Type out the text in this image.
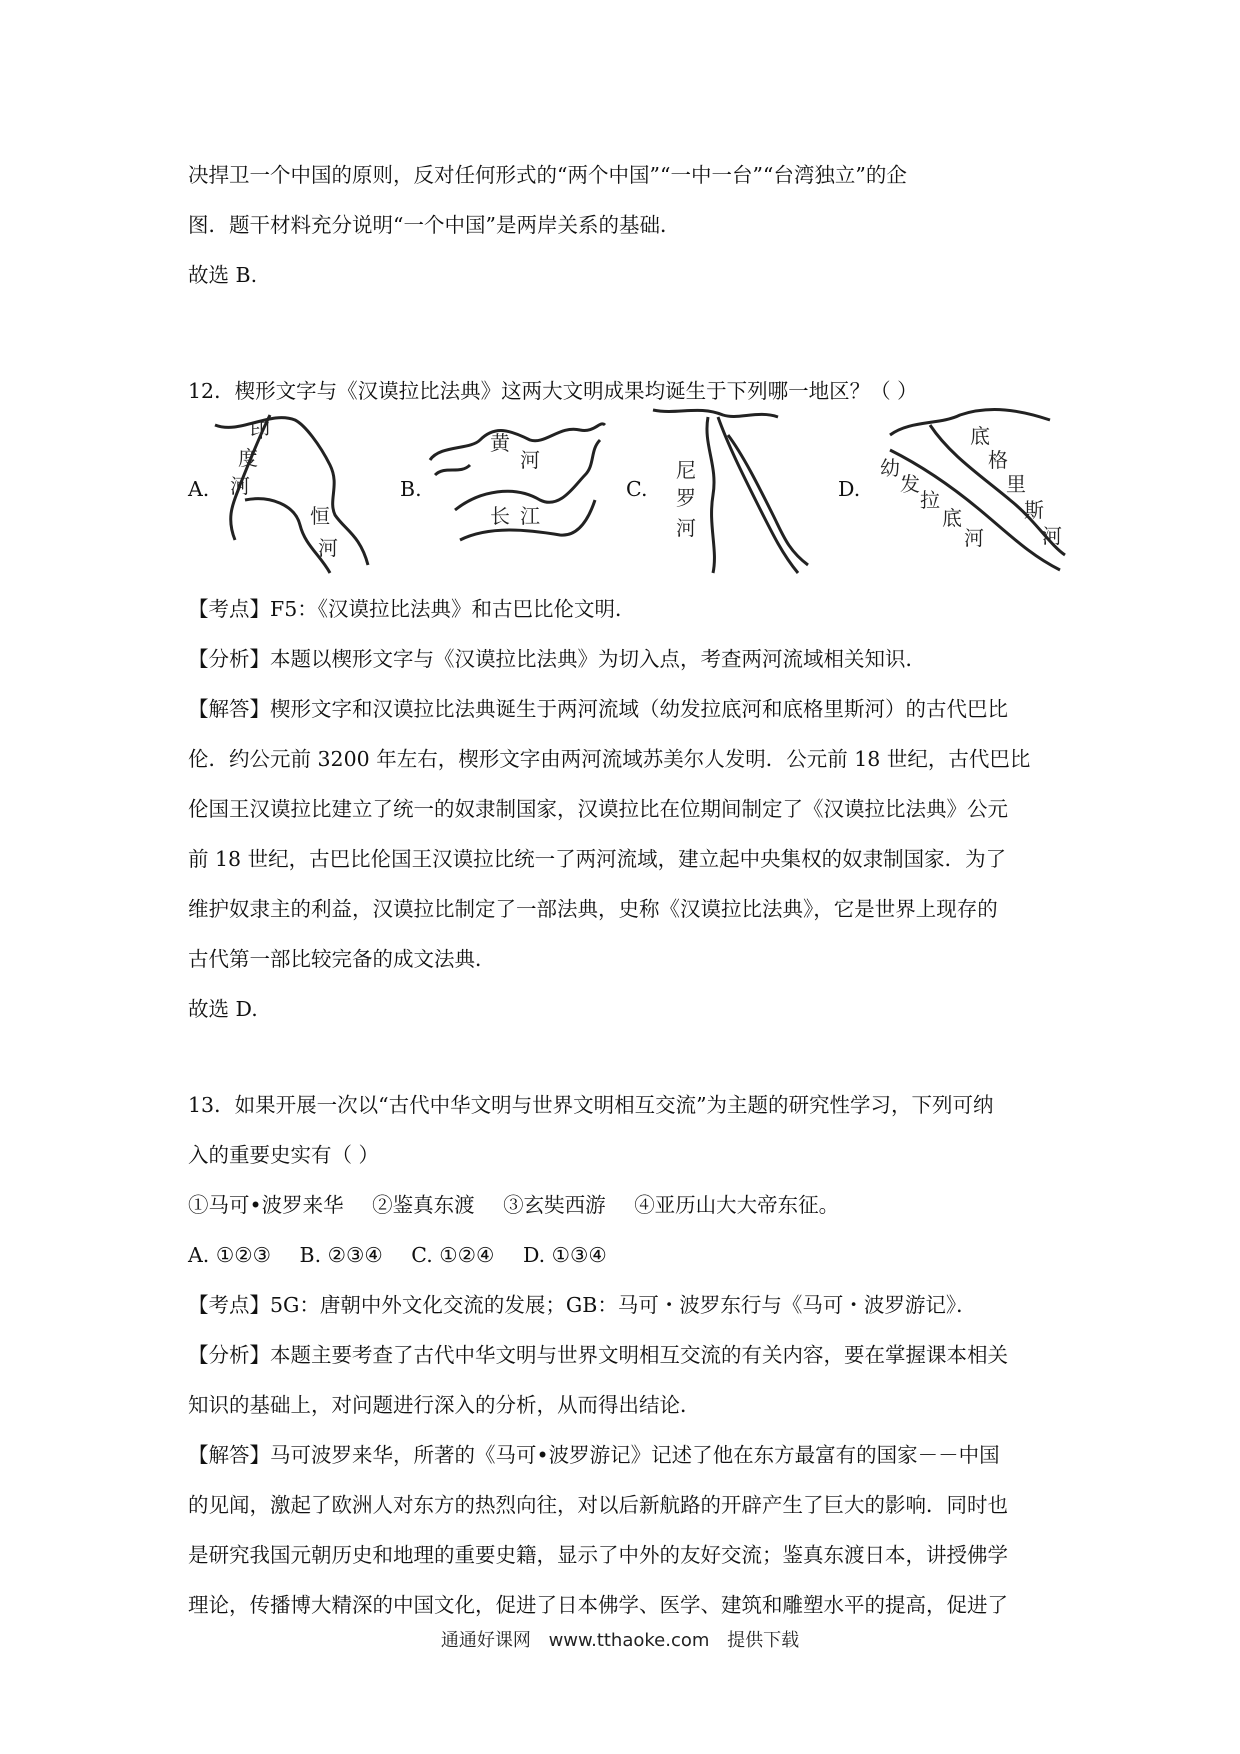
决捍卫一个中国的原则，反对任何形式的“两个中国”“一中一台”“台湾独立”的企
图．题干材料充分说明“一个中国”是两岸关系的基础．
故选 B.
12．楔形文字与《汉谟拉比法典》这两大文明成果均诞生于下列哪一地区？（ ）
A.
印
度
河
恒
河
B.
黄
河
长 江
C.
尼
罗
河
D.
底
格
里
斯
河
幼
发
拉
底
河
【考点】F5：《汉谟拉比法典》和古巴比伦文明．
【分析】本题以楔形文字与《汉谟拉比法典》为切入点，考查两河流域相关知识．
【解答】楔形文字和汉谟拉比法典诞生于两河流域（幼发拉底河和底格里斯河）的古代巴比
伦．约公元前 3200 年左右，楔形文字由两河流域苏美尔人发明．公元前 18 世纪，古代巴比
伦国王汉谟拉比建立了统一的奴隶制国家，汉谟拉比在位期间制定了《汉谟拉比法典》公元
前 18 世纪，古巴比伦国王汉谟拉比统一了两河流域，建立起中央集权的奴隶制国家．为了
维护奴隶主的利益，汉谟拉比制定了一部法典，史称《汉谟拉比法典》，它是世界上现存的
古代第一部比较完备的成文法典．
故选 D.
13．如果开展一次以“古代中华文明与世界文明相互交流”为主题的研究性学习，下列可纳
入的重要史实有（ ）
①马可•波罗来华 ②鉴真东渡 ③玄奘西游 ④亚历山大大帝东征。
A. ①②③ B. ②③④ C. ①②④ D. ①③④
【考点】5G：唐朝中外文化交流的发展；GB：马可・波罗东行与《马可・波罗游记》．
【分析】本题主要考查了古代中华文明与世界文明相互交流的有关内容，要在掌握课本相关
知识的基础上，对问题进行深入的分析，从而得出结论．
【解答】马可波罗来华，所著的《马可•波罗游记》记述了他在东方最富有的国家－－中国
的见闻，激起了欧洲人对东方的热烈向往，对以后新航路的开辟产生了巨大的影响．同时也
是研究我国元朝历史和地理的重要史籍，显示了中外的友好交流；鉴真东渡日本，讲授佛学
理论，传播博大精深的中国文化，促进了日本佛学、医学、建筑和雕塑水平的提高，促进了
通通好课网 www.tthaoke.com 提供下载
